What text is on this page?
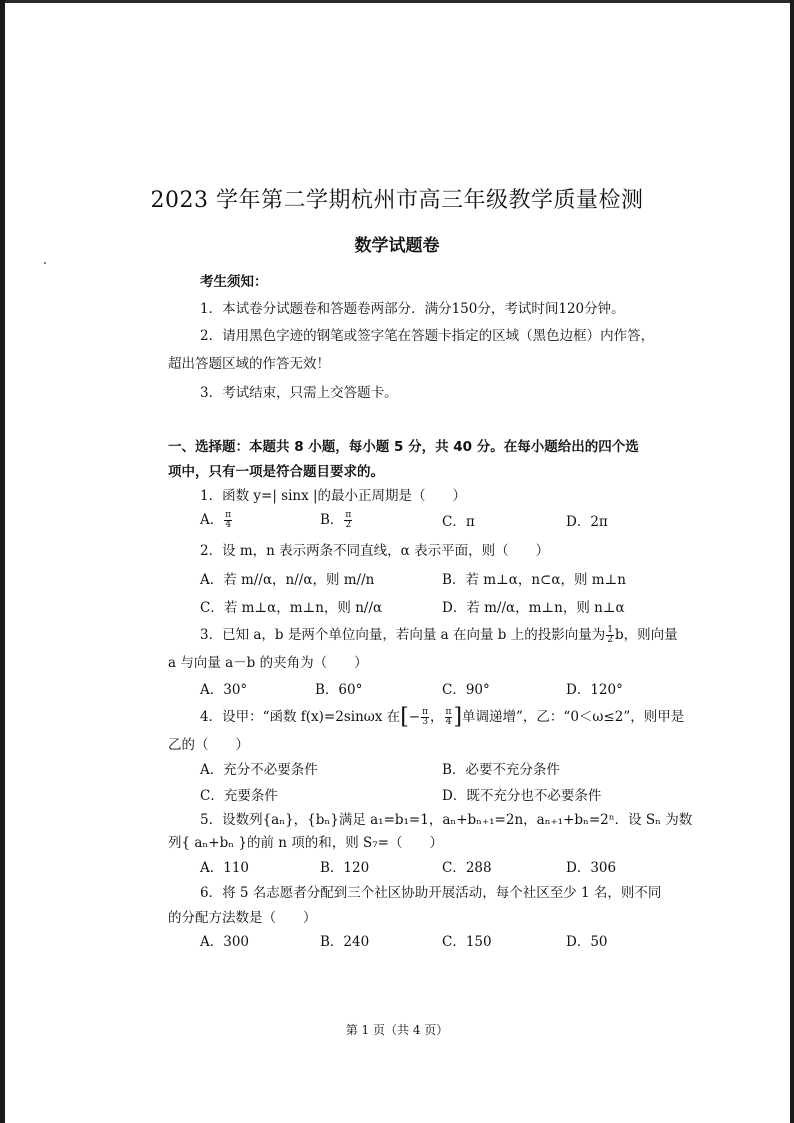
2023 学年第二学期杭州市高三年级教学质量检测
数学试题卷
考生须知：
1．本试卷分试题卷和答题卷两部分．满分150分，考试时间120分钟。
2．请用黑色字迹的钢笔或签字笔在答题卡指定的区域（黑色边框）内作答，
超出答题区域的作答无效！
3．考试结束，只需上交答题卡。
一、选择题：本题共 8 小题，每小题 5 分，共 40 分。在每小题给出的四个选
项中，只有一项是符合题目要求的。
1．函数 y=| sinx |的最小正周期是（　　）
A． $\frac{\pi}{4}$	B． $\frac{\pi}{2}$	C．π	D．2π
2．设 m，n 表示两条不同直线，α 表示平面，则（　　）
A．若 m//α，n//α，则 m//n	B．若 m⊥α，n⊂α，则 m⊥n
C．若 m⊥α，m⊥n，则 n//α	D．若 m//α，m⊥n，则 n⊥α
3．已知 a，b 是两个单位向量，若向量 a 在向量 b 上的投影向量为 $\frac{1}{2}$ b，则向量
a 与向量 a－b 的夹角为（　　）
A．30°	B．60°	C．90°	D．120°
4．设甲：“函数 f(x)=2sinωx 在[− $\frac{\pi}{3}$ ， $\frac{\pi}{4}$ ]单调递增”，乙：“0＜ω≤2”，则甲是
乙的（　　）
A．充分不必要条件	B．必要不充分条件
C．充要条件	D．既不充分也不必要条件
5．设数列{aₙ}，{bₙ}满足 a₁=b₁=1，aₙ+bₙ₊₁=2n，aₙ₊₁+bₙ=2ⁿ．设 Sₙ 为数
列{ aₙ+bₙ }的前 n 项的和，则 S₇=（　　）
A．110	B．120	C．288	D．306
6．将 5 名志愿者分配到三个社区协助开展活动，每个社区至少 1 名，则不同
的分配方法数是（　　）
A．300	B．240	C．150	D．50
第 1 页（共 4 页）
